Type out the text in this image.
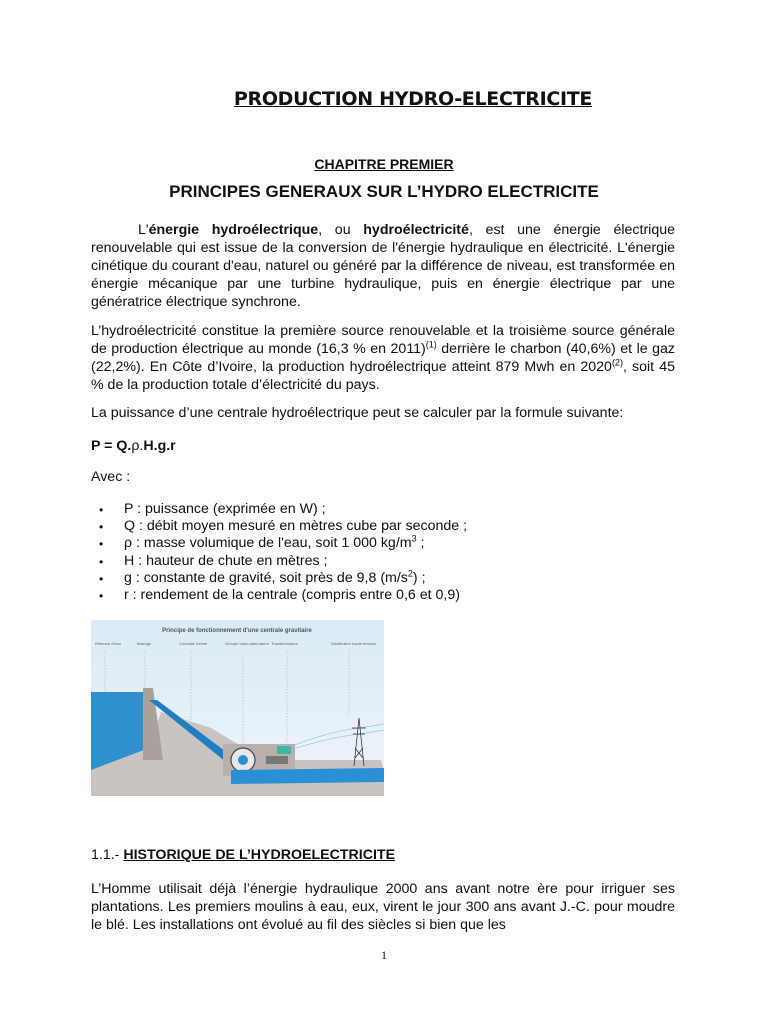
PRODUCTION HYDRO-ELECTRICITE
CHAPITRE PREMIER
PRINCIPES GENERAUX SUR L’HYDRO ELECTRICITE

L'énergie hydroélectrique, ou hydroélectricité, est une énergie électrique renouvelable qui est issue de la conversion de l'énergie hydraulique en électricité. L'énergie cinétique du courant d'eau, naturel ou généré par la différence de niveau, est transformée en énergie mécanique par une turbine hydraulique, puis en énergie électrique par une génératrice électrique synchrone.

L’hydroélectricité constitue la première source renouvelable et la troisième source générale de production électrique au monde (16,3 % en 2011)$^{(1)}$ derrière le charbon (40,6%) et le gaz (22,2%). En Côte d’Ivoire, la production hydroélectrique atteint 879 Mwh en 2020$^{(2)}$, soit 45 % de la production totale d’électricité du pays.

La puissance d’une centrale hydroélectrique peut se calculer par la formule suivante:

P = Q.ρ.H.g.r

Avec :

• P : puissance (exprimée en W) ;
• Q : débit moyen mesuré en mètres cube par seconde ;
• ρ : masse volumique de l'eau, soit 1 000 $kg/m^3$ ;
• H : hauteur de chute en mètres ;
• g : constante de gravité, soit près de 9,8 $(m/s^2)$ ;
• r : rendement de la centrale (compris entre 0,6 et 0,9)
Principe de fonctionnement d'une centrale gravitaire
Retenue d'eau	Barrage	Conduite forcée	Groupe turbo-alternateur Transformateur	Distribution haute tension
1.1.- HISTORIQUE DE L’HYDROELECTRICITE

L’Homme utilisait déjà l’énergie hydraulique 2000 ans avant notre ère pour irriguer ses plantations. Les premiers moulins à eau, eux, virent le jour 300 ans avant J.-C. pour moudre le blé. Les installations ont évolué au fil des siècles si bien que les

1
